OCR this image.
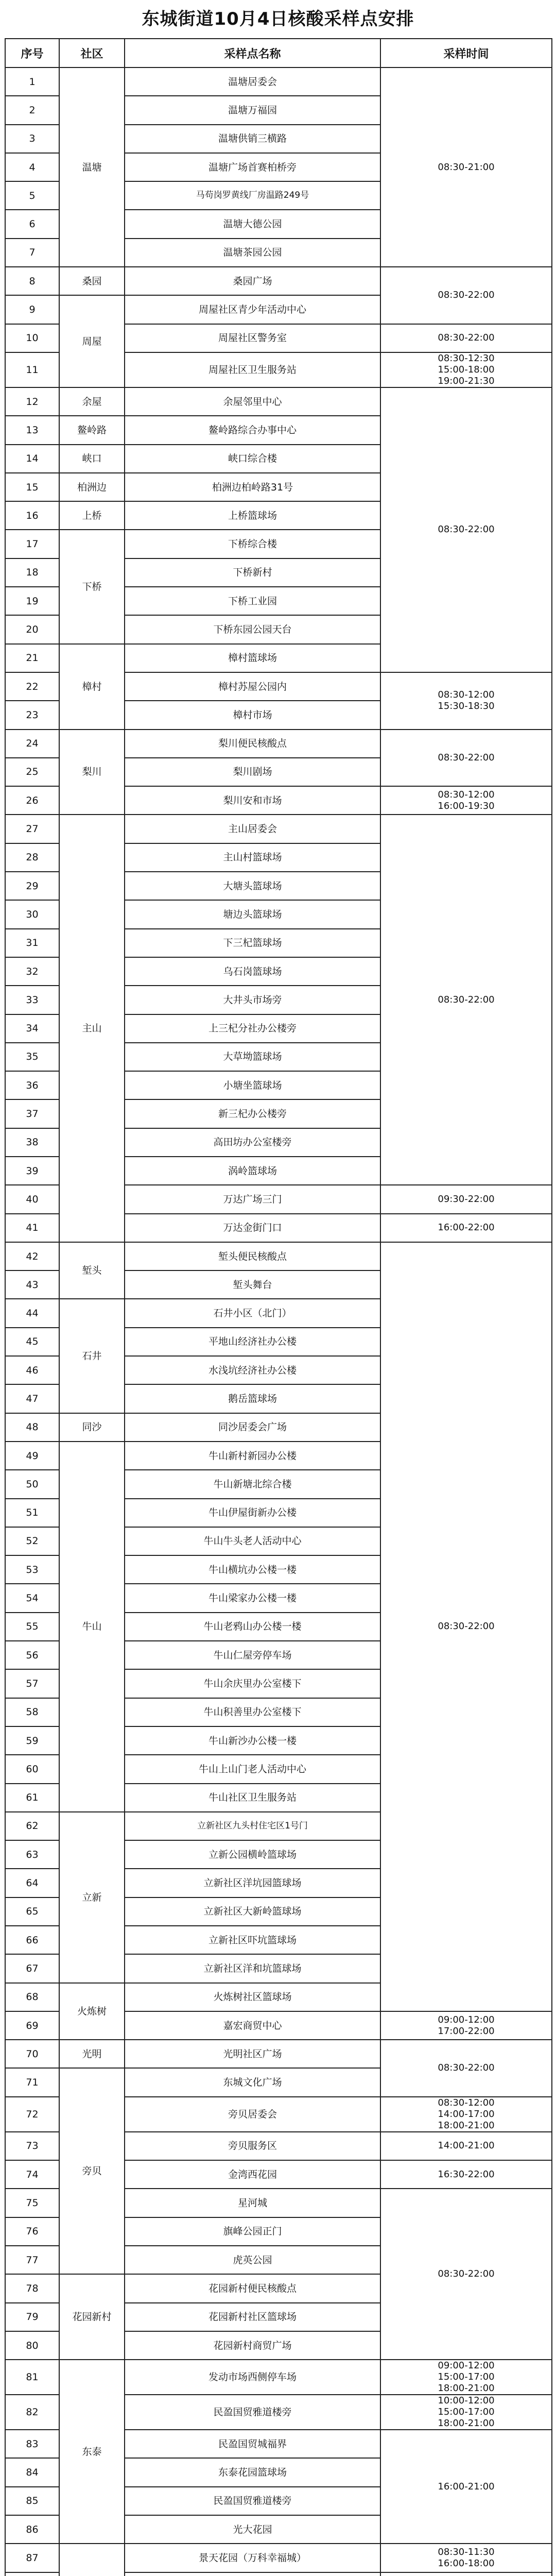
东城街道10月4日核酸采样点安排
序号	社区	采样点名称	采样时间
1	温塘	温塘居委会	08:30-21:00
2		温塘万福园	
3		温塘供销三横路	
4		温塘广场首赛柏桥旁	
5		马苟岗罗黄线厂房温路249号	
6		温塘大德公园	
7		温塘茶园公园	
8	桑园	桑园广场	08:30-22:00
9	周屋	周屋社区青少年活动中心	
10		周屋社区警务室	08:30-22:00
11		周屋社区卫生服务站	08:30-12:30
15:00-18:00
19:00-21:30
12	余屋	余屋邻里中心	08:30-22:00
13	鳌岭路	鳌岭路综合办事中心	
14	峡口	峡口综合楼	
15	柏洲边	柏洲边柏岭路31号	
16	上桥	上桥篮球场	
17	下桥	下桥综合楼	
18		下桥新村	
19		下桥工业园	
20		下桥东园公园天台	
21	樟村	樟村篮球场	
22		樟村苏屋公园内	08:30-12:00
15:30-18:30
23		樟村市场	
24	梨川	梨川便民核酸点	08:30-22:00
25		梨川剧场	
26		梨川安和市场	08:30-12:00
16:00-19:30
27	主山	主山居委会	08:30-22:00
28		主山村篮球场	
29		大塘头篮球场	
30		塘边头篮球场	
31		下三杞篮球场	
32		乌石岗篮球场	
33		大井头市场旁	
34		上三杞分社办公楼旁	
35		大草坳篮球场	
36		小塘坐篮球场	
37		新三杞办公楼旁	
38		高田坊办公室楼旁	
39		涡岭篮球场	
40		万达广场三门	09:30-22:00
41		万达金街门口	16:00-22:00
42	堑头	堑头便民核酸点	08:30-22:00
43		堑头舞台	
44	石井	石井小区（北门）	
45		平地山经济社办公楼	
46		水浅坑经济社办公楼	
47		鹅岳篮球场	
48	同沙	同沙居委会广场	
49	牛山	牛山新村新园办公楼	
50		牛山新塘北综合楼	
51		牛山伊屋街新办公楼	
52		牛山牛头老人活动中心	
53		牛山横坑办公楼一楼	
54		牛山梁家办公楼一楼	
55		牛山老鸦山办公楼一楼	
56		牛山仁屋旁停车场	
57		牛山余庆里办公室楼下	
58		牛山积善里办公室楼下	
59		牛山新沙办公楼一楼	
60		牛山上山门老人活动中心	
61		牛山社区卫生服务站	
62	立新	立新社区九头村住宅区1号门	
63		立新公园横岭篮球场	
64		立新社区洋坑园篮球场	
65		立新社区大新岭篮球场	
66		立新社区吓坑篮球场	
67		立新社区洋和坑篮球场	
68	火炼树	火炼树社区篮球场	
69		嘉宏商贸中心	09:00-12:00
17:00-22:00
70	光明	光明社区广场	08:30-22:00
71	旁贝	东城文化广场	
72		旁贝居委会	08:30-12:00
14:00-17:00
18:00-21:00
73		旁贝服务区	14:00-21:00
74		金湾西花园	16:30-22:00
75		星河城	08:30-22:00
76		旗峰公园正门	
77		虎英公园	
78	花园新村	花园新村便民核酸点	
79		花园新村社区篮球场	
80		花园新村商贸广场	
81	东泰	发动市场西侧停车场	09:00-12:00
15:00-17:00
18:00-21:00
82		民盈国贸雅道楼旁	10:00-12:00
15:00-17:00
18:00-21:00
83		民盈国贸城福界	16:00-21:00
84		东泰花园篮球场	
85		民盈国贸雅道楼旁	
86		光大花园	
87		景天花园（万科幸福城）	08:30-11:30
16:00-18:00
